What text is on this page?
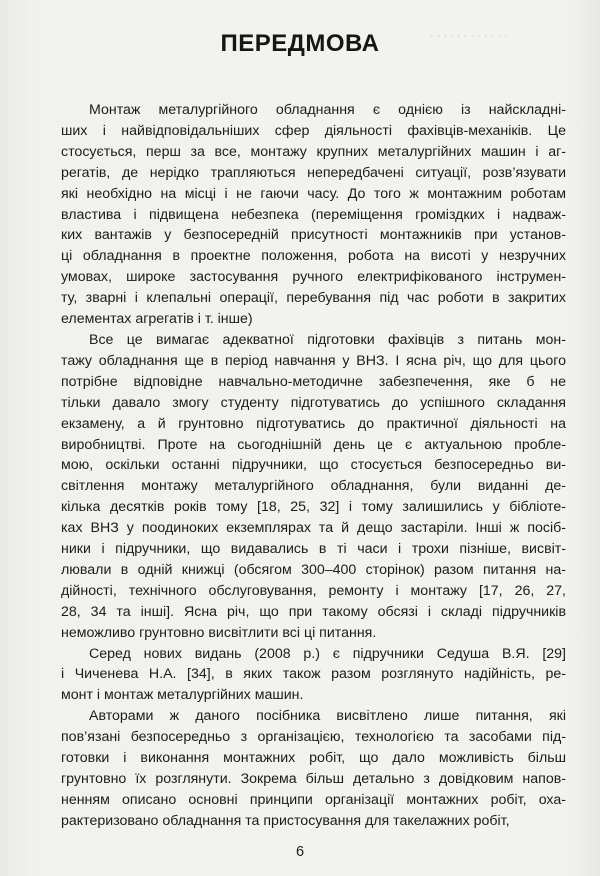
· · · · · · · · · · · ·
ПЕРЕДМОВА
Монтаж металургійного обладнання є однією із найскладні-
ших і найвідповідальніших сфер діяльності фахівців-механіків. Це
стосується, перш за все, монтажу крупних металургійних машин і аг-
регатів, де нерідко трапляються непередбачені ситуації, розв’язувати
які необхідно на місці і не гаючи часу. До того ж монтажним роботам
властива і підвищена небезпека (переміщення громіздких і надваж-
ких вантажів у безпосередній присутності монтажників при установ-
ці обладнання в проектне положення, робота на висоті у незручних
умовах, широке застосування ручного електрифікованого інструмен-
ту, зварні і клепальні операції, перебування під час роботи в закритих
елементах агрегатів і т. інше)
Все це вимагає адекватної підготовки фахівців з питань мон-
тажу обладнання ще в період навчання у ВНЗ. І ясна річ, що для цього
потрібне відповідне навчально-методичне забезпечення, яке б не
тільки давало змогу студенту підготуватись до успішного складання
екзамену, а й грунтовно підготуватись до практичної діяльності на
виробництві. Проте на сьогоднішній день це є актуальною пробле-
мою, оскільки останні підручники, що стосується безпосередньо ви-
світлення монтажу металургійного обладнання, були виданні де-
кілька десятків років тому [18, 25, 32] і тому залишились у бібліоте-
ках ВНЗ у поодиноких екземплярах та й дещо застаріли. Інші ж посіб-
ники і підручники, що видавались в ті часи і трохи пізніше, висвіт-
лювали в одній книжці (обсягом 300–400 сторінок) разом питання на-
дійності, технічного обслуговування, ремонту і монтажу [17, 26, 27,
28, 34 та інші]. Ясна річ, що при такому обсязі і складі підручників
неможливо грунтовно висвітлити всі ці питання.
Серед нових видань (2008 р.) є підручники Седуша В.Я. [29]
і Чиченева Н.А. [34], в яких також разом розглянуто надійність, ре-
монт і монтаж металургійних машин.
Авторами ж даного посібника висвітлено лише питання, які
пов’язані безпосередньо з організацією, технологією та засобами під-
готовки і виконання монтажних робіт, що дало можливість більш
грунтовно їх розглянути. Зокрема більш детально з довідковим напов-
ненням описано основні принципи організації монтажних робіт, оха-
рактеризовано обладнання та пристосування для такелажних робіт,
6
